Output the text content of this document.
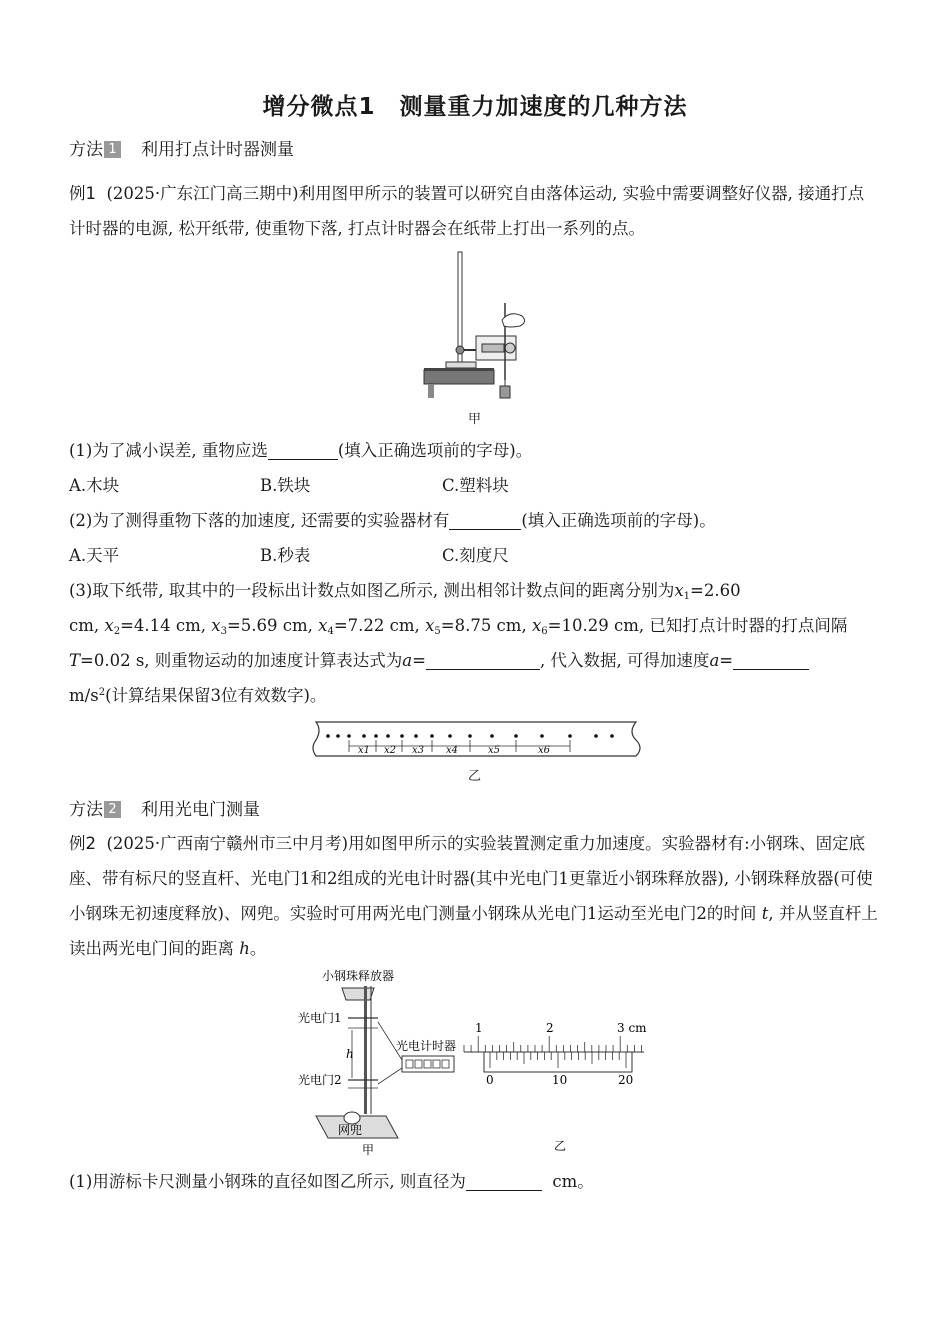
增分微点1　测量重力加速度的几种方法
方法 1 利用打点计时器测量
例1 (2025·广东江门高三期中)利用图甲所示的装置可以研究自由落体运动, 实验中需要调整好仪器, 接通打点计时器的电源, 松开纸带, 使重物下落, 打点计时器会在纸带上打出一系列的点。
甲
(1)为了减小误差, 重物应选	(填入正确选项前的字母)。
A.木块	B.铁块	C.塑料块
(2)为了测得重物下落的加速度, 还需要的实验器材有	(填入正确选项前的字母)。
A.天平	B.秒表	C.刻度尺
(3)取下纸带, 取其中的一段标出计数点如图乙所示, 测出相邻计数点间的距离分别为$x_1=2.60$
cm, $x_2=4.14$ cm, $x_3=5.69$ cm, $x_4=7.22$ cm, $x_5=8.75$ cm, $x_6=10.29$ cm, 已知打点计时器的打点间隔
T=0.02 s, 则重物运动的加速度计算表达式为a=	, 代入数据, 可得加速度a=
$m/s^2$(计算结果保留3位有效数字)。
x1 x2 x3 x4	x5	x6
乙
方法 2 利用光电门测量
例2 (2025·广西南宁赣州市三中月考)用如图甲所示的实验装置测定重力加速度。实验器材有:小钢珠、固定底座、带有标尺的竖直杆、光电门1和2组成的光电计时器(其中光电门1更靠近小钢珠释放器), 小钢珠释放器(可使小钢珠无初速度释放)、网兜。实验时可用两光电门测量小钢珠从光电门1运动至光电门2的时间 t, 并从竖直杆上读出两光电门间的距离 h。
小钢珠释放器
光电门1
光电门2
h
光电计时器
网兜
甲
1	2	3 cm
0	10	20
乙
(1)用游标卡尺测量小钢珠的直径如图乙所示, 则直径为	cm。
